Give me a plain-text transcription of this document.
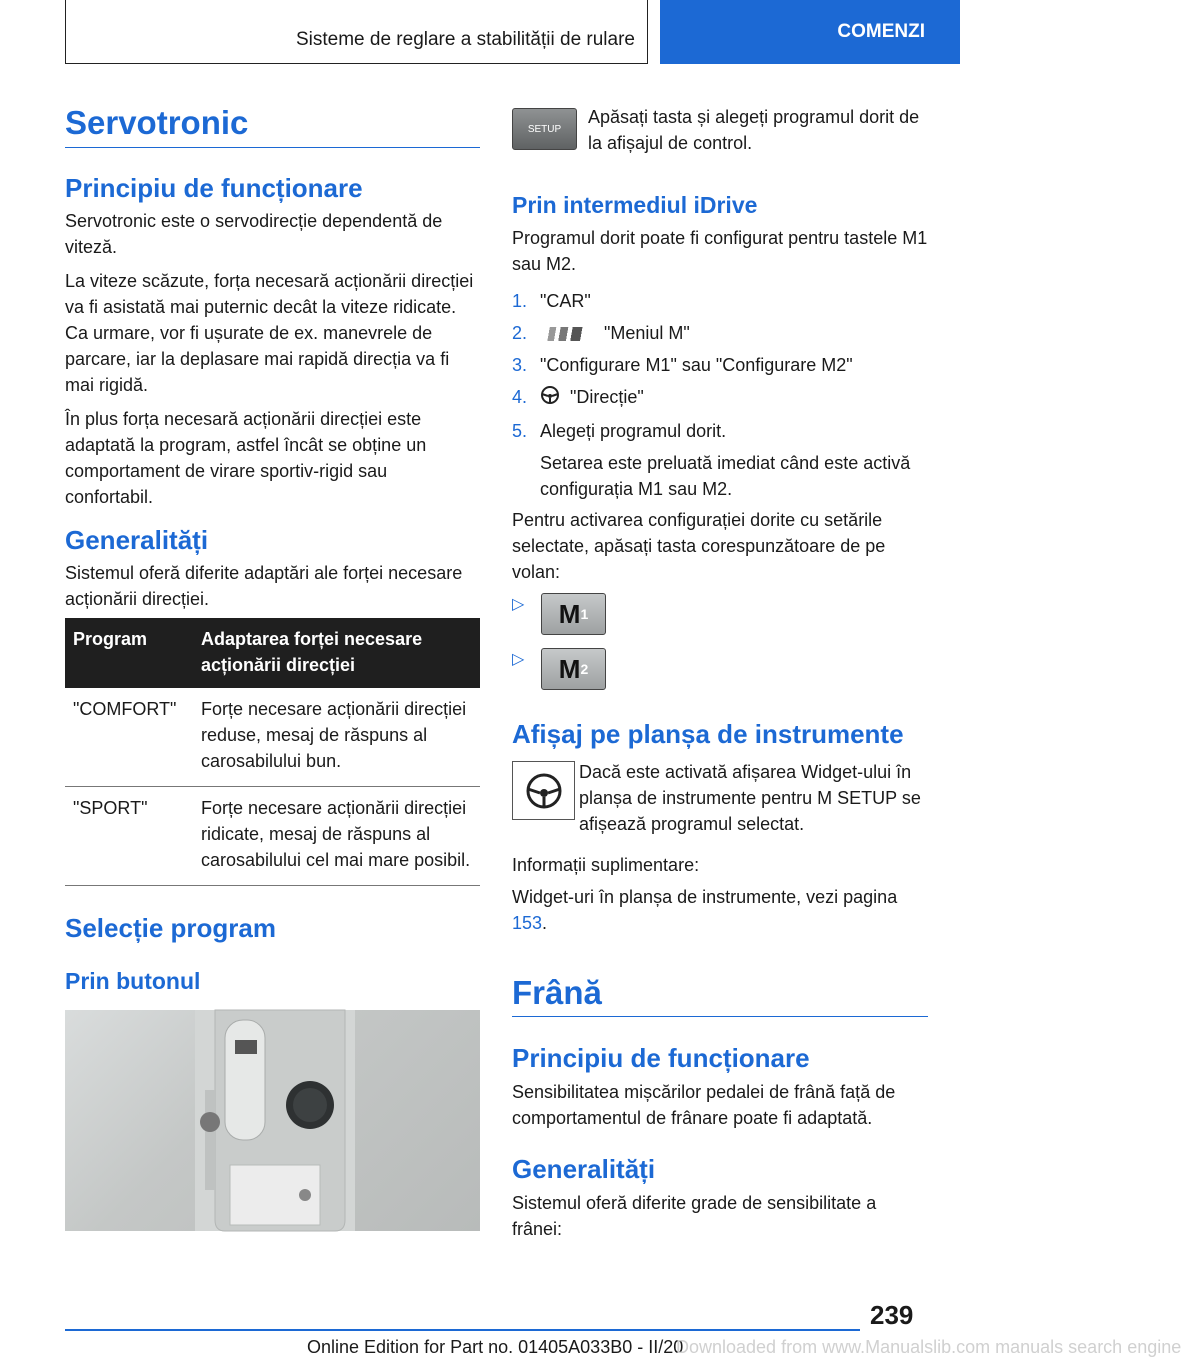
Sisteme de reglare a stabilității de rulare	COMENZI
Servotronic
Principiu de funcționare

Servotronic este o servodirecție dependentă de viteză.

La viteze scăzute, forța necesară acționării direcției va fi asistată mai puternic decât la viteze ridicate. Ca urmare, vor fi ușurate de ex. manevrele de parcare, iar la deplasare mai rapidă direcția va fi mai rigidă.

În plus forța necesară acționării direcției este adaptată la program, astfel încât se obține un comportament de virare sportiv-rigid sau confortabil.

Generalități
Sistemul oferă diferite adaptări ale forței necesare acționării direcției.
Program	Adaptarea forței necesare acționării direcției
"COMFORT"	Forțe necesare acționării direcției reduse, mesaj de răspuns al carosabilului bun.
"SPORT"	Forțe necesare acționării direcției ridicate, mesaj de răspuns al carosabilului cel mai mare posibil.
Selecție program
Prin butonul
SETUP
Apăsați tasta și alegeți programul dorit de la afișajul de control.
Prin intermediul iDrive
Programul dorit poate fi configurat pentru tastele M1 sau M2.
1. "CAR"
2.	"Meniul M"
3. "Configurare M1" sau "Configurare M2"
4. "Direcție"
5. Alegeți programul dorit.
Setarea este preluată imediat când este activă configurația M1 sau M2.
Pentru activarea configurației dorite cu setările selectate, apăsați tasta corespunzătoare de pe volan:
▷ M 1
▷ M 2
Afișaj pe planșa de instrumente
Dacă este activată afișarea Widget-ului în planșa de instrumente pentru M SETUP se afișează programul selectat.
Informații suplimentare:
Widget-uri în planșa de instrumente, vezi pagina 153.
Frână
Principiu de funcționare
Sensibilitatea mișcărilor pedalei de frână față de comportamentul de frânare poate fi adaptată.
Generalități
Sistemul oferă diferite grade de sensibilitate a frânei:
239
Online Edition for Part no. 01405A033B0 - II/20
Downloaded from www.Manualslib.com manuals search engine
